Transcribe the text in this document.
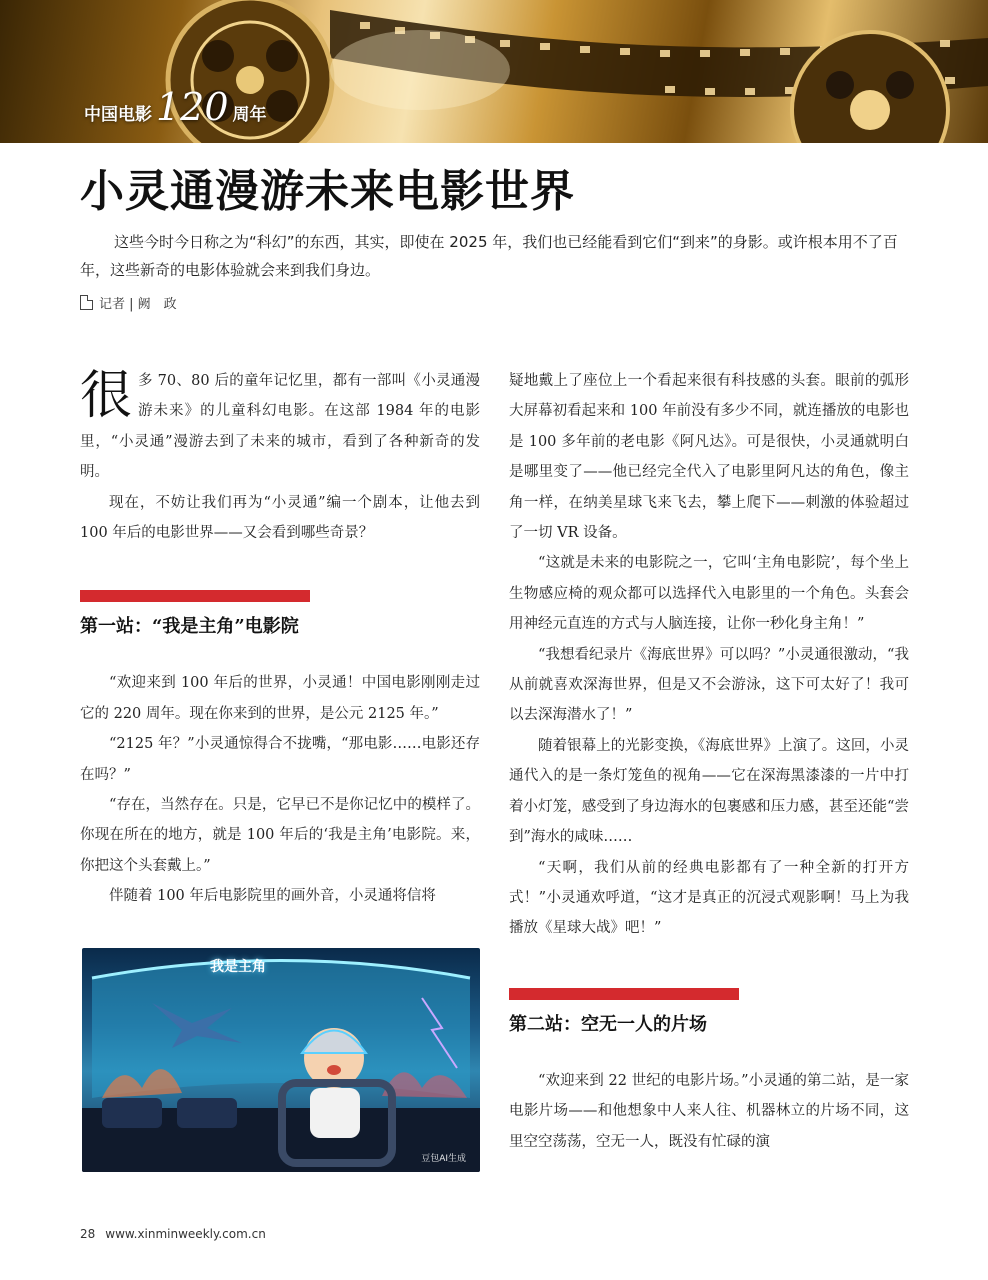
中国电影 120 周年
小灵通漫游未来电影世界

这些今时今日称之为“科幻”的东西，其实，即使在 2025 年，我们也已经能看到它们“到来”的身影。或许根本用不了百年，这些新奇的电影体验就会来到我们身边。

记者 | 阙　政

很多 70、80 后的童年记忆里，都有一部叫《小灵通漫游未来》的儿童科幻电影。在这部 1984 年的电影里，“小灵通”漫游去到了未来的城市，看到了各种新奇的发明。

现在，不妨让我们再为“小灵通”编一个剧本，让他去到 100 年后的电影世界——又会看到哪些奇景？

第一站：“我是主角”电影院

“欢迎来到 100 年后的世界，小灵通！中国电影刚刚走过它的 220 周年。现在你来到的世界，是公元 2125 年。”

“2125 年？”小灵通惊得合不拢嘴，“那电影……电影还存在吗？”

“存在，当然存在。只是，它早已不是你记忆中的模样了。你现在所在的地方，就是 100 年后的‘我是主角’电影院。来，你把这个头套戴上。”

伴随着 100 年后电影院里的画外音，小灵通将信将

我是主角
豆包AI生成

疑地戴上了座位上一个看起来很有科技感的头套。眼前的弧形大屏幕初看起来和 100 年前没有多少不同，就连播放的电影也是 100 多年前的老电影《阿凡达》。可是很快，小灵通就明白是哪里变了——他已经完全代入了电影里阿凡达的角色，像主角一样，在纳美星球飞来飞去，攀上爬下——刺激的体验超过了一切 VR 设备。

“这就是未来的电影院之一，它叫‘主角电影院’，每个坐上生物感应椅的观众都可以选择代入电影里的一个角色。头套会用神经元直连的方式与人脑连接，让你一秒化身主角！”

“我想看纪录片《海底世界》可以吗？”小灵通很激动，“我从前就喜欢深海世界，但是又不会游泳，这下可太好了！我可以去深海潜水了！”

随着银幕上的光影变换，《海底世界》上演了。这回，小灵通代入的是一条灯笼鱼的视角——它在深海黑漆漆的一片中打着小灯笼，感受到了身边海水的包裹感和压力感，甚至还能“尝到”海水的咸味……

“天啊，我们从前的经典电影都有了一种全新的打开方式！”小灵通欢呼道，“这才是真正的沉浸式观影啊！马上为我播放《星球大战》吧！”

第二站：空无一人的片场

“欢迎来到 22 世纪的电影片场。”小灵通的第二站，是一家电影片场——和他想象中人来人往、机器林立的片场不同，这里空空荡荡，空无一人，既没有忙碌的演

28 www.xinminweekly.com.cn
